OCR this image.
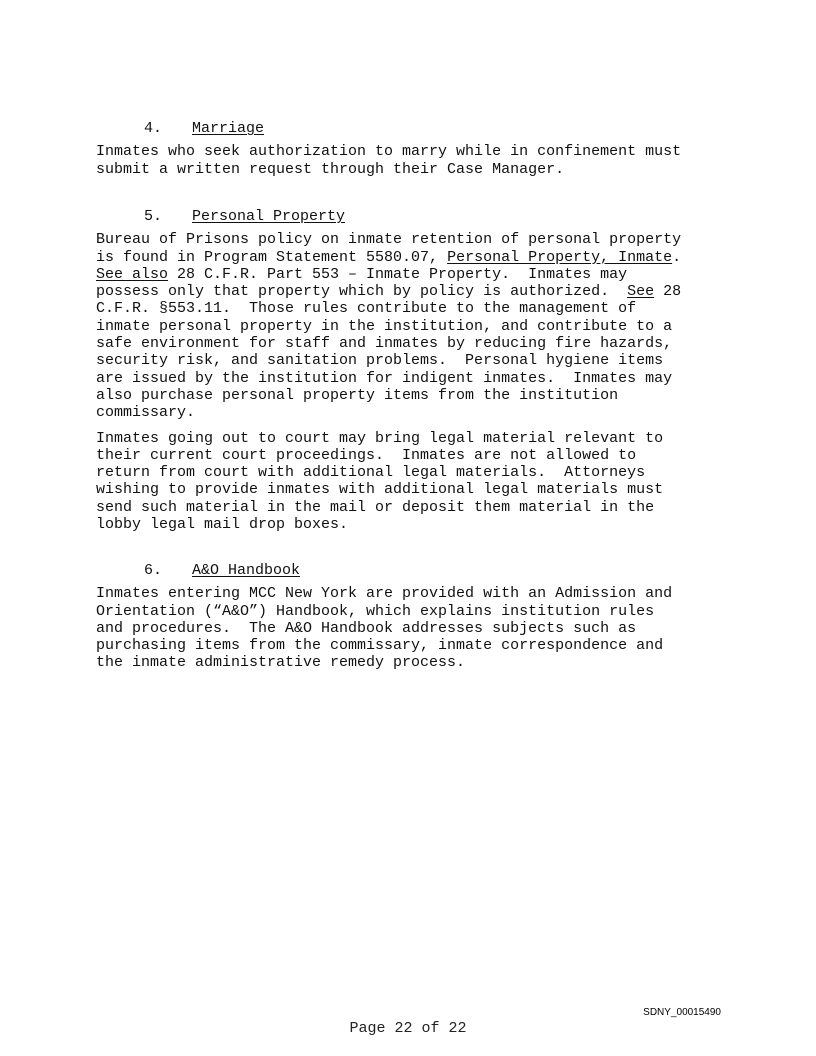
4. Marriage

Inmates who seek authorization to marry while in confinement must
submit a written request through their Case Manager.

5. Personal Property

Bureau of Prisons policy on inmate retention of personal property
is found in Program Statement 5580.07, Personal Property, Inmate.
See also 28 C.F.R. Part 553 – Inmate Property.  Inmates may
possess only that property which by policy is authorized.  See 28
C.F.R. §553.11.  Those rules contribute to the management of
inmate personal property in the institution, and contribute to a
safe environment for staff and inmates by reducing fire hazards,
security risk, and sanitation problems.  Personal hygiene items
are issued by the institution for indigent inmates.  Inmates may
also purchase personal property items from the institution
commissary.

Inmates going out to court may bring legal material relevant to
their current court proceedings.  Inmates are not allowed to
return from court with additional legal materials.  Attorneys
wishing to provide inmates with additional legal materials must
send such material in the mail or deposit them material in the
lobby legal mail drop boxes.

6. A&O Handbook

Inmates entering MCC New York are provided with an Admission and
Orientation (“A&O”) Handbook, which explains institution rules
and procedures.  The A&O Handbook addresses subjects such as
purchasing items from the commissary, inmate correspondence and
the inmate administrative remedy process.

SDNY_00015490
Page 22 of 22
